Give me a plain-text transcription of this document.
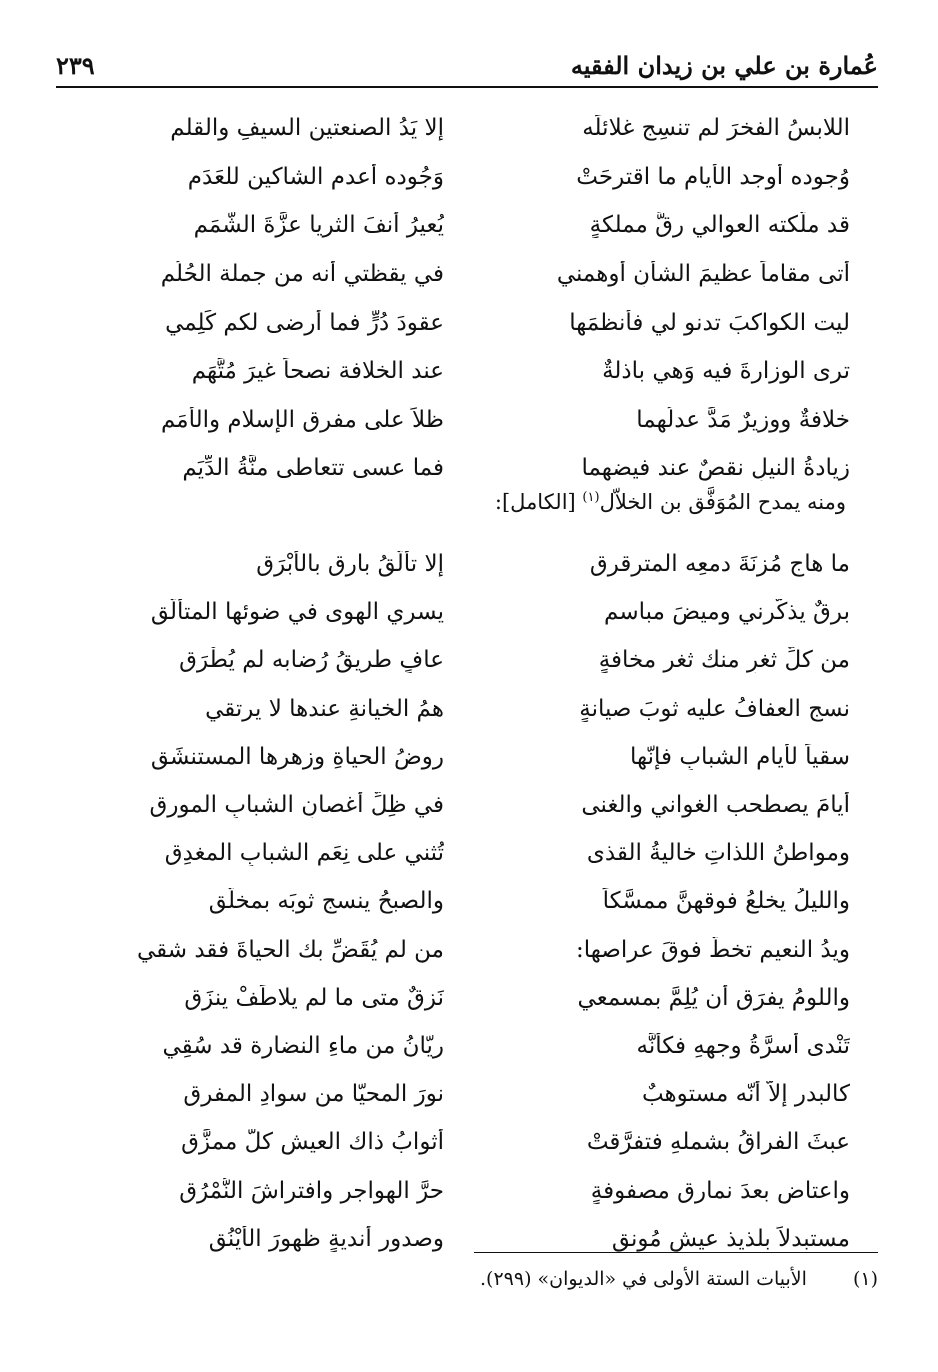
عُمارة بن علي بن زيدان الفقيه
٢٣٩
اللابسُ الفخرَ لم تنسِج غلائلَه
إلا يَدُ الصنعتين السيفِ والقلمِ
وُجوده أوجد الأيام ما اقترحَتْ
وَجُوده أعدم الشاكين للعَدَمِ
قد ملَّكته العوالي رِقَّ مملكةٍ
يُعيرُ أنفَ الثريا عزَّةَ الشَّمَمِ
أتى مقاماً عظيمَ الشأنِ أوهمني
في يقظتي أنه من جملة الحُلُمِ
ليت الكواكبَ تدنو لي فأنظمَها
عقودَ دُرٍّ فما أرضى لكم كَلِمي
ترى الوزارةَ فيه وَهي باذلةٌ
عند الخلافة نصحاً غيرَ مُتَّهَمِ
خلافةٌ ووزيرٌ مَدَّ عدلُهما
ظلاً على مفرقِ الإسلام والأُمَمِ
زيادةُ النيلِ نقصٌ عند فيضهما
فما عسى تتعاطى منَّةُ الدِّيَمِ
ومنه يمدح المُوَفَّق بن الخلاّل$^{(١)}$ [الكامل]:
ما هاج مُزنَةَ دمعِه المترقرقِ
إلا تألُّقُ بارقٍ بالأبْرَقِ
برقٌ يذكّرني وميضَ مباسمٍ
يسري الهوى في ضوئها المتألّقِ
من كلِّ ثغرٍ منك ثغر مخافةٍ
عافٍ طريقُ رُضابه لم يُطْرَقِ
نسج العفافُ عليه ثوبَ صيانةٍ
همُ الخيانةِ عندها لا يرتقي
سقياً لأيام الشبابِ فإنّها
روضُ الحياةِ وزهرها المستنشَقِ
أيامَ يصطحب الغواني والغنى
في ظِلِّ أغصانِ الشبابِ المورقِ
ومواطنُ اللذاتِ خاليةُ القذى
تُثني على نِعَمِ الشبابِ المغدِقِ
والليلُ يخلعُ فوقهنَّ ممسَّكاً
والصبحُ ينسج ثوبَه بمخلَّقِ
ويدُ النعيم تخطُّ فوقَ عراصها:
من لم يُقَضِّ بك الحياةَ فقد شقي
واللومُ يفرَق أن يُلِمَّ بمسمعي
نَزِقٌ متى ما لم يلاطَفْ ينزَقِ
تَنْدى أسرَّةُ وجههِ فكأنَّه
ريّانُ من ماءِ النضارة قد سُقِي
كالبدرِ إلاّ أنّه مستوهبٌ
نورَ المحيّا من سوادِ المفرقِ
عبثَ الفراقُ بشملهِ فتفرَّقتْ
أثوابُ ذاك العيشِ كلَّ ممزَّقِ
واعتاض بعدَ نمارقٍ مصفوفةٍ
حرَّ الهواجرِ وافتراشَ النُّمْرُقِ
مستبدلاً بلذيذ عيشٍ مُونقٍ
وصدورِ أنديةٍ ظهورَ الأَيْنُقِ
(١) الأبيات الستة الأولى في «الديوان» (٢٩٩).
